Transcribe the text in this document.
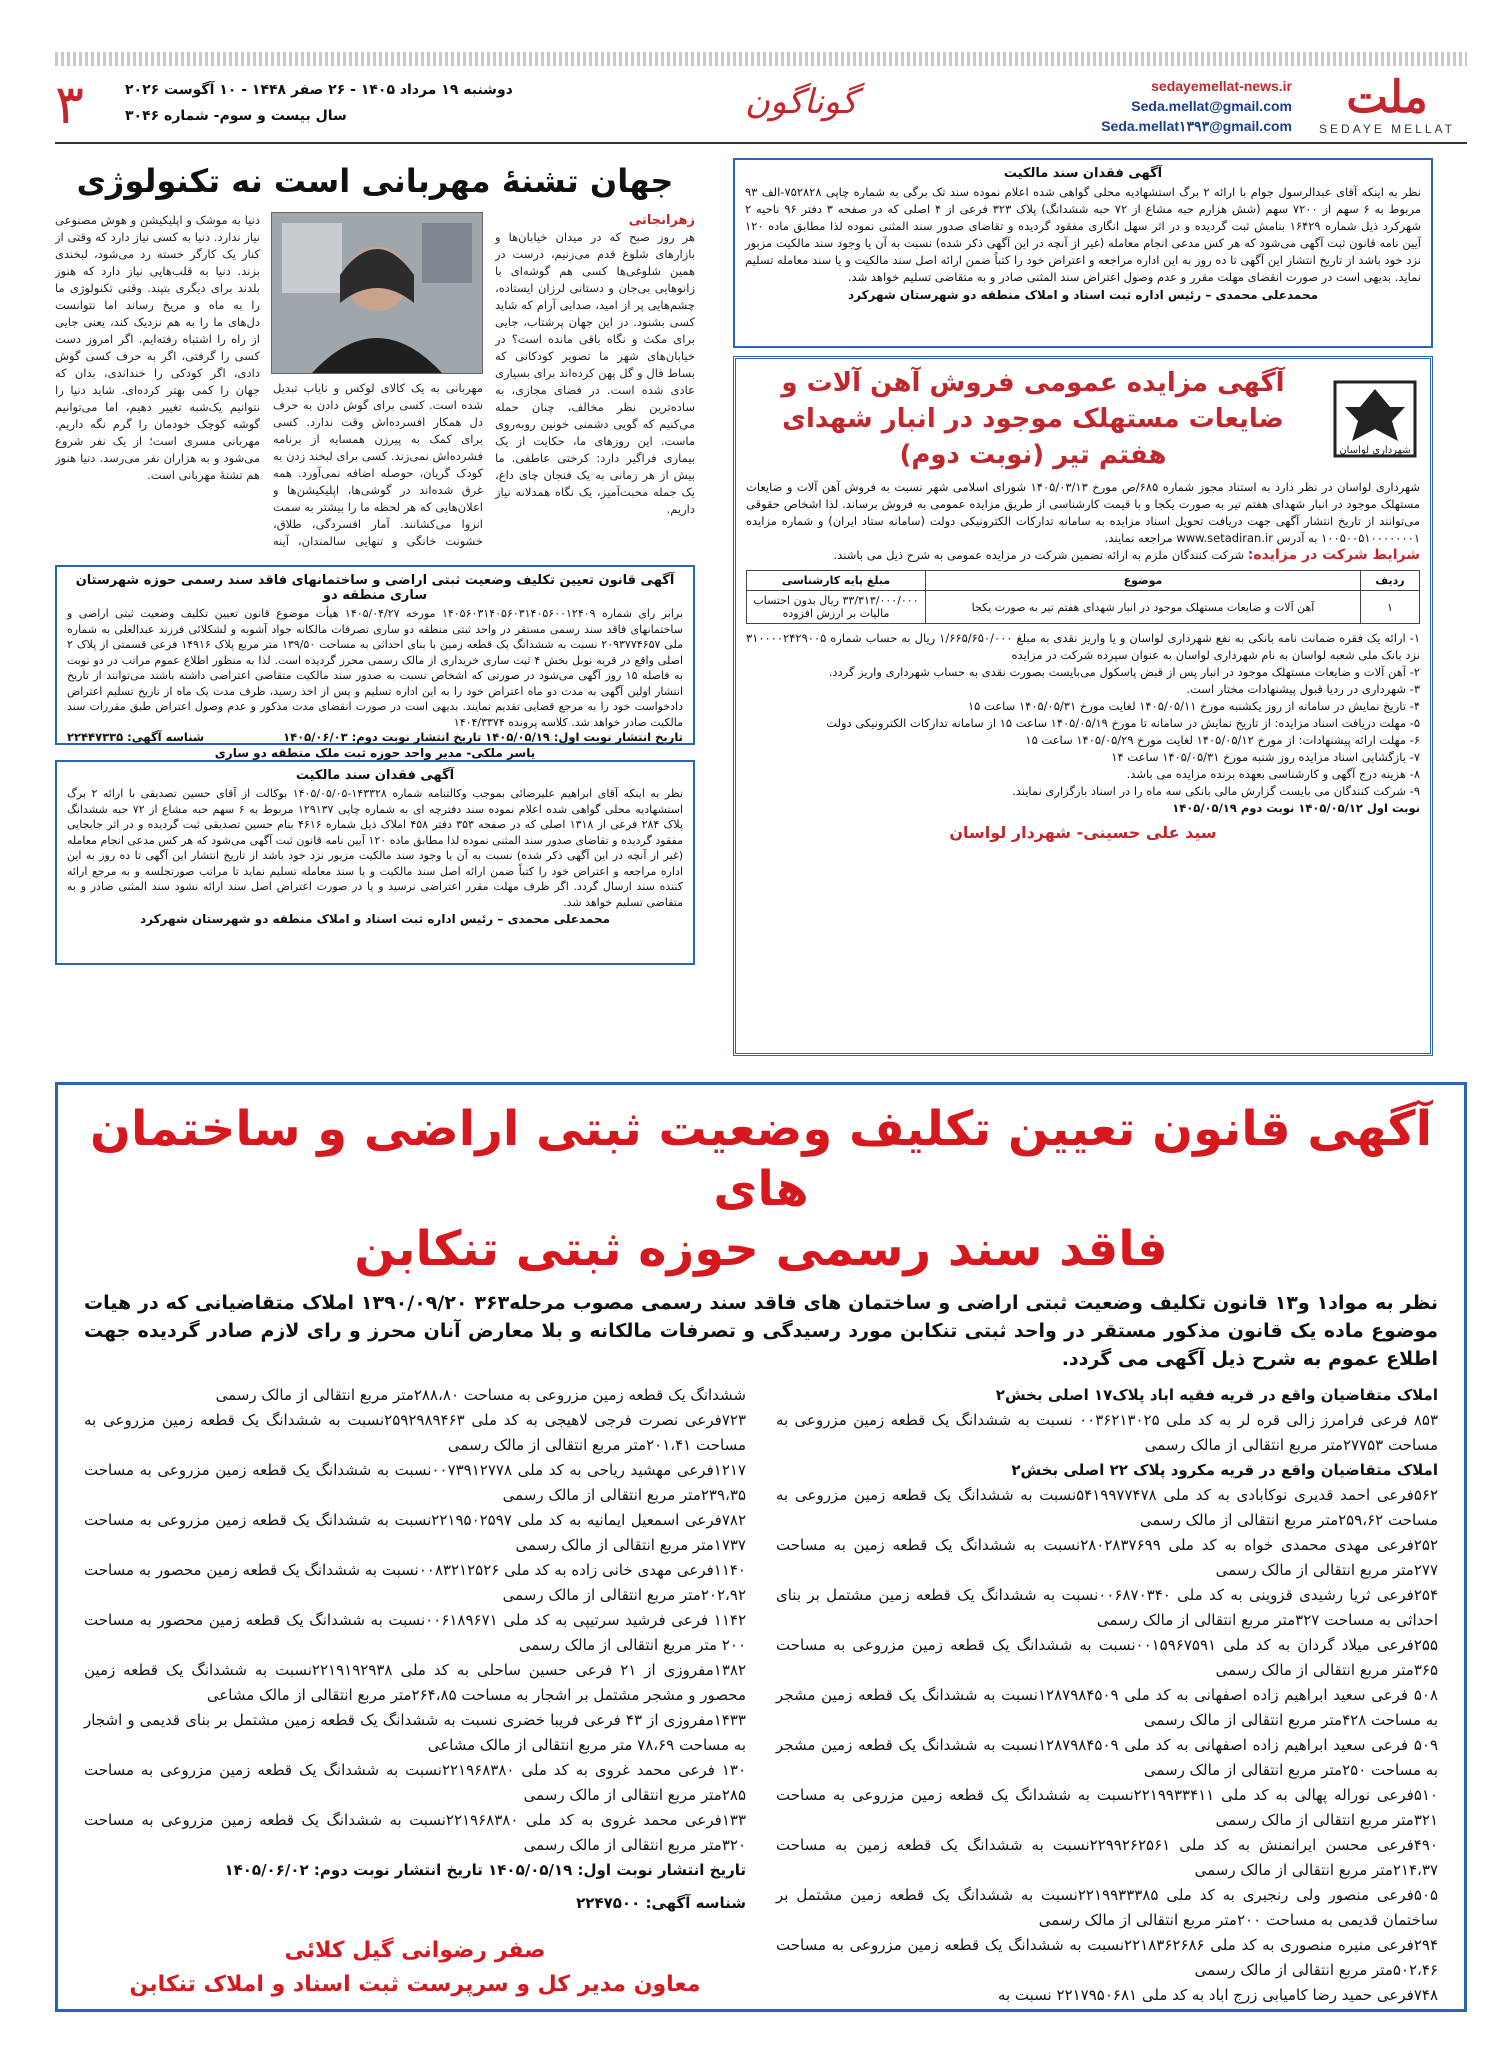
ملت
SEDAYE MELLAT
sedayemellat-news.ir
Seda.mellat@gmail.com
Seda.mellat۱۳۹۳@gmail.com
گوناگون
۳	دوشنبه ۱۹ مرداد ۱۴۰۵ - ۲۶ صفر ۱۴۴۸ - ۱۰ آگوست ۲۰۲۶
سال بیست و سوم- شماره ۳۰۴۶
آگهی فقدان سند مالکیت
نظر به اینکه آقای عبدالرسول جوام با ارائه ۲ برگ استشهادیه محلی گواهی شده اعلام نموده سند تک برگی به شماره چاپی ۷۵۲۸۲۸-الف ۹۳ مربوط به ۶ سهم از ۷۲۰۰ سهم (شش هزارم حبه مشاع از ۷۲ حبه ششدانگ) پلاک ۳۲۳ فرعی از ۴ اصلی که در صفحه ۳ دفتر ۹۶ ناحیه ۲ شهرکرد ذیل شماره ۱۶۴۲۹ بنامش ثبت گردیده و در اثر سهل انگاری مفقود گردیده و تقاضای صدور سند المثنی نموده لذا مطابق ماده ۱۲۰ آیین نامه قانون ثبت آگهی می‌شود که هر کس مدعی انجام معامله (غیر از آنچه در این آگهی ذکر شده) نسبت به آن یا وجود سند مالکیت مزبور نزد خود باشد از تاریخ انتشار این آگهی تا ده روز به این اداره مراجعه و اعتراض خود را کتباً ضمن ارائه اصل سند مالکیت و یا سند معامله تسلیم نماید. بدیهی است در صورت انقضای مهلت مقرر و عدم وصول اعتراض سند المثنی صادر و به متقاضی تسلیم خواهد شد.
محمدعلی محمدی – رئیس اداره ثبت اسناد و املاک منطقه دو شهرستان شهرکرد
شهرداری لواسان
آگهی مزایده عمومی فروش آهن آلات و ضایعات مستهلک موجود در انبار شهدای هفتم تیر (نوبت دوم)
شهرداری لواسان در نظر دارد به استناد مجوز شماره ۶۸۵/ص مورخ ۱۴۰۵/۰۳/۱۳ شورای اسلامی شهر نسبت به فروش آهن آلات و ضایعات مستهلک موجود در انبار شهدای هفتم تیر به صورت یکجا و با قیمت کارشناسی از طریق مزایده عمومی به فروش برساند. لذا اشخاص حقوقی می‌توانند از تاریخ انتشار آگهی جهت دریافت تحویل اسناد مزایده به سامانه تدارکات الکترونیکی دولت (سامانه ستاد ایران) و شماره مزایده ۱۰۰۵۰۰۵۱۰۰۰۰۰۰۰۱ به آدرس www.setadiran.ir مراجعه نمایند.
شرایط شرکت در مزایده: شرکت کنندگان ملزم به ارائه تضمین شرکت در مزایده عمومی به شرح ذیل می باشند.
ردیف	موضوع	مبلغ پایه کارشناسی
۱	آهن آلات و ضایعات مستهلک موجود در انبار شهدای هفتم تیر به صورت یکجا	۳۳/۳۱۳/۰۰۰/۰۰۰ ریال بدون احتساب مالیات بر ارزش افزوده
۱- ارائه یک فقره ضمانت نامه بانکی به نفع شهرداری لواسان و یا واریز نقدی به مبلغ ۱/۶۶۵/۶۵۰/۰۰۰ ریال به حساب شماره ۳۱۰۰۰۰۲۴۲۹۰۰۵ نزد بانک ملی شعبه لواسان به نام شهرداری لواسان به عنوان سپرده شرکت در مزایده
۲- آهن آلات و ضایعات مستهلک موجود در انبار پس از قبض پاسکول می‌بایست بصورت نقدی به حساب شهرداری واریز گردد.
۳- شهرداری در ردیا قبول پیشنهادات مختار است.
۴- تاریخ نمایش در سامانه از روز یکشنبه مورخ ۱۴۰۵/۰۵/۱۱ لغایت مورخ ۱۴۰۵/۰۵/۳۱ ساعت ۱۵
۵- مهلت دریافت اسناد مزایده: از تاریخ نمایش در سامانه تا مورخ ۱۴۰۵/۰۵/۱۹ ساعت ۱۵ از سامانه تدارکات الکترونیکی دولت
۶- مهلت ارائه پیشنهادات: از مورخ ۱۴۰۵/۰۵/۱۲ لغایت مورخ ۱۴۰۵/۰۵/۲۹ ساعت ۱۵
۷- بازگشایی اسناد مزایده روز شنبه مورخ ۱۴۰۵/۰۵/۳۱ ساعت ۱۴
۸- هزینه درج آگهی و کارشناسی بعهده برنده مزایده می باشد.
۹- شرکت کنندگان می بایست گزارش مالی بانکی سه ماه را در اسناد بارگزاری نمایند.
نوبت اول ۱۴۰۵/۰۵/۱۲ نوبت دوم ۱۴۰۵/۰۵/۱۹
سید علی حسینی- شهردار لواسان
جهان تشنهٔ مهربانی است نه تکنولوژی
زهرانجاتی
هر روز صبح که در میدان خیابان‌ها و بازارهای شلوغ قدم می‌زنیم، درست در همین شلوغی‌ها کسی هم گوشه‌ای با زانوهایی بی‌جان و دستانی لرزان ایستاده، چشم‌هایی پر از امید، صدایی آرام که شاید کسی بشنود. در این جهان پرشتاب، جایی برای مکث و نگاه باقی مانده است؟ در خیابان‌های شهر ما تصویر کودکانی که بساط فال و گل پهن کرده‌اند برای بسیاری عادی شده است. در فضای مجازی، به ساده‌ترین نظر مخالف، چنان حمله می‌کنیم که گویی دشمنی خونین روبه‌روی ماست. این روزهای ما، حکایت از یک بیماری فراگیر دارد: کرختی عاطفی. ما بیش از هر زمانی به یک فنجان چای داغ، یک جمله محبت‌آمیز، یک نگاه همدلانه نیاز داریم.
مهربانی به یک کالای لوکس و نایاب تبدیل شده است. کسی برای گوش دادن به حرف دل همکار افسرده‌اش وقت ندارد. کسی برای کمک به پیرزن همسایه از برنامه فشرده‌اش نمی‌زند. کسی برای لبخند زدن به کودک گریان، حوصله اضافه نمی‌آورد. همه غرق شده‌اند در گوشی‌ها، اپلیکیشن‌ها و اعلان‌هایی که هر لحظه ما را بیشتر به سمت انزوا می‌کشانند. آمار افسردگی، طلاق، خشونت خانگی و تنهایی سالمندان، آینه
دنیا به موشک و اپلیکیشن و هوش مصنوعی نیاز ندارد. دنیا به کسی نیاز دارد که وقتی از کنار یک کارگر خسته رد می‌شود، لبخندی بزند. دنیا به قلب‌هایی نیاز دارد که هنوز بلدند برای دیگری بتپند. وقتی تکنولوژی ما را به ماه و مریخ رساند اما نتوانست دل‌های ما را به هم نزدیک کند، یعنی جایی از راه را اشتباه رفته‌ایم. اگر امروز دست کسی را گرفتی، اگر به حرف کسی گوش دادی، اگر کودکی را خنداندی، بدان که جهان را کمی بهتر کرده‌ای. شاید دنیا را نتوانیم یک‌شبه تغییر دهیم، اما می‌توانیم گوشه کوچک خودمان را گرم نگه داریم. مهربانی مسری است؛ از یک نفر شروع می‌شود و به هزاران نفر می‌رسد. دنیا هنوز هم تشنهٔ مهربانی است.
آگهی قانون تعیین تکلیف وضعیت ثبتی اراضی و ساختمانهای فاقد سند رسمی حوزه شهرستان ساری منطقه دو
برابر رای شماره ۱۴۰۵۶۰۳۱۴۰۵۶۰۳۱۴۰۵۶۰۰۱۲۴۰۹ مورخه ۱۴۰۵/۰۴/۲۷ هیأت موضوع قانون تعیین تکلیف وضعیت ثبتی اراضی و ساختمانهای فاقد سند رسمی مستقر در واحد ثبتی منطقه دو ساری تصرفات مالکانه جواد آشوبه و لشکلائی فرزند عبدالعلی به شماره ملی ۲۰۹۳۷۷۴۶۵۷ نسبت به ششدانگ یک قطعه زمین با بنای احداثی به مساحت ۱۳۹/۵۰ متر مربع پلاک ۱۴۹۱۶ فرعی قسمتی از پلاک ۲ اصلی واقع در قریه نوبل بخش ۴ ثبت ساری خریداری از مالک رسمی محرز گردیده است. لذا به منظور اطلاع عموم مراتب در دو نوبت به فاصله ۱۵ روز آگهی می‌شود در صورتی که اشخاص نسبت به صدور سند مالکیت متقاضی اعتراضی داشته باشند می‌توانند از تاریخ انتشار اولین آگهی به مدت دو ماه اعتراض خود را به این اداره تسلیم و پس از اخذ رسید، ظرف مدت یک ماه از تاریخ تسلیم اعتراض دادخواست خود را به مرجع قضایی تقدیم نمایند. بدیهی است در صورت انقضای مدت مذکور و عدم وصول اعتراض طبق مقررات سند مالکیت صادر خواهد شد. کلاسه پرونده ۱۴۰۴/۳۳۷۴
تاریخ انتشار نوبت اول: ۱۴۰۵/۰۵/۱۹ تاریخ انتشار نوبت دوم: ۱۴۰۵/۰۶/۰۳
شناسه آگهی: ۲۲۴۴۷۳۳۵
یاسر ملکی- مدیر واحد حوزه ثبت ملک منطقه دو ساری
آگهی فقدان سند مالکیت
نظر به اینکه آقای ابراهیم علیرضائی بموجب وکالتنامه شماره ۱۴۳۳۲۸-۱۴۰۵/۰۵/۰۵ بوکالت از آقای حسین تصدیقی با ارائه ۲ برگ استشهادیه محلی گواهی شده اعلام نموده سند دفترچه ای به شماره چاپی ۱۲۹۱۳۷ مربوط به ۶ سهم حبه مشاع از ۷۲ حبه ششدانگ پلاک ۲۸۴ فرعی از ۱۳۱۸ اصلی که در صفحه ۳۵۳ دفتر ۴۵۸ املاک ذیل شماره ۴۶۱۶ بنام حسین تصدیقی ثبت گردیده و در اثر جابجایی مفقود گردیده و تقاضای صدور سند المثنی نموده لذا مطابق ماده ۱۲۰ آیین نامه قانون ثبت آگهی می‌شود که هر کس مدعی انجام معامله (غیر از آنچه در این آگهی ذکر شده) نسبت به آن یا وجود سند مالکیت مزبور نزد خود باشد از تاریخ انتشار این آگهی تا ده روز به این اداره مراجعه و اعتراض خود را کتباً ضمن ارائه اصل سند مالکیت و یا سند معامله تسلیم نماید تا مراتب صورتجلسه و به مرجع ارائه کننده سند ارسال گردد. اگر ظرف مهلت مقرر اعتراضی نرسید و یا در صورت اعتراض اصل سند ارائه نشود سند المثنی صادر و به متقاضی تسلیم خواهد شد.
محمدعلی محمدی – رئیس اداره ثبت اسناد و املاک منطقه دو شهرستان شهرکرد
آگهی قانون تعیین تکلیف وضعیت ثبتی اراضی و ساختمان های
فاقد سند رسمی حوزه ثبتی تنکابن
نظر به مواد۱ و۱۳ قانون تکلیف وضعیت ثبتی اراضی و ساختمان های فاقد سند رسمی مصوب مرحله۳۶۳ ۱۳۹۰/۰۹/۲۰ املاک متقاضیانی که در هیات موضوع ماده یک قانون مذکور مستقر در واحد ثبتی تنکابن مورد رسیدگی و تصرفات مالکانه و بلا معارض آنان محرز و رای لازم صادر گردیده جهت اطلاع عموم به شرح ذیل آگهی می گردد.

املاک متقاضیان واقع در قریه فقیه اباد پلاک۱۷ اصلی بخش۲

۸۵۳ فرعی فرامرز زالی قره لر به کد ملی ۰۰۳۶۲۱۳۰۲۵ نسبت به ششدانگ یک قطعه زمین مزروعی به مساحت ۲۷۷۵۳متر مربع انتقالی از مالک رسمی

املاک متقاضیان واقع در قریه مکرود پلاک ۲۲ اصلی بخش۲

۵۶۲فرعی احمد قدیری نوکابادی به کد ملی ۵۴۱۹۹۷۷۴۷۸نسبت به ششدانگ یک قطعه زمین مزروعی به مساحت ۲۵۹،۶۲متر مربع انتقالی از مالک رسمی

۲۵۲فرعی مهدی محمدی خواه به کد ملی ۲۸۰۲۸۳۷۶۹۹نسبت به ششدانگ یک قطعه زمین به مساحت ۲۷۷متر مربع انتقالی از مالک رسمی

۲۵۴فرعی ثریا رشیدی قزوینی به کد ملی ۰۰۶۸۷۰۳۴۰نسبت به ششدانگ یک قطعه زمین مشتمل بر بنای احداثی به مساحت ۳۲۷متر مربع انتقالی از مالک رسمی

۲۵۵فرعی میلاد گردان به کد ملی ۰۰۱۵۹۶۷۵۹۱نسبت به ششدانگ یک قطعه زمین مزروعی به مساحت ۳۶۵متر مربع انتقالی از مالک رسمی

۵۰۸ فرعی سعید ابراهیم زاده اصفهانی به کد ملی ۱۲۸۷۹۸۴۵۰۹نسبت به ششدانگ یک قطعه زمین مشجر به مساحت ۴۲۸متر مربع انتقالی از مالک رسمی

۵۰۹ فرعی سعید ابراهیم زاده اصفهانی به کد ملی ۱۲۸۷۹۸۴۵۰۹نسبت به ششدانگ یک قطعه زمین مشجر به مساحت ۲۵۰متر مربع انتقالی از مالک رسمی

۵۱۰فرعی نوراله پهالی به کد ملی ۲۲۱۹۹۳۳۴۱۱نسبت به ششدانگ یک قطعه زمین مزروعی به مساحت ۳۲۱متر مربع انتقالی از مالک رسمی

۴۹۰فرعی محسن ایرانمنش به کد ملی ۲۲۹۹۲۶۲۵۶۱نسبت به ششدانگ یک قطعه زمین به مساحت ۲۱۴،۳۷متر مربع انتقالی از مالک رسمی

۵۰۵فرعی منصور ولی رنجبری به کد ملی ۲۲۱۹۹۳۳۳۸۵نسبت به ششدانگ یک قطعه زمین مشتمل بر ساختمان قدیمی به مساحت ۲۰۰متر مربع انتقالی از مالک رسمی

۲۹۴فرعی منیره منصوری به کد ملی ۲۲۱۸۳۶۲۶۸۶نسبت به ششدانگ یک قطعه زمین مزروعی به مساحت ۵۰۲،۴۶متر مربع انتقالی از مالک رسمی

۷۴۸فرعی حمید رضا کامیابی زرج اباد به کد ملی ۲۲۱۷۹۵۰۶۸۱ نسبت به

ششدانگ یک قطعه زمین مزروعی به مساحت ۲۸۸،۸۰متر مربع انتقالی از مالک رسمی

۷۲۳فرعی نصرت فرجی لاهیجی به کد ملی ۲۵۹۲۹۸۹۴۶۳نسبت به ششدانگ یک قطعه زمین مزروعی به مساحت ۲۰۱،۴۱متر مربع انتقالی از مالک رسمی

۱۲۱۷فرعی مهشید ریاحی به کد ملی ۰۰۷۳۹۱۲۷۷۸نسبت به ششدانگ یک قطعه زمین مزروعی به مساحت ۲۳۹،۳۵متر مربع انتقالی از مالک رسمی

۷۸۲فرعی اسمعیل ایمانیه به کد ملی ۲۲۱۹۵۰۲۵۹۷نسبت به ششدانگ یک قطعه زمین مزروعی به مساحت ۱۷۳۷متر مربع انتقالی از مالک رسمی

۱۱۴۰فرعی مهدی خانی زاده به کد ملی ۰۰۸۳۲۱۲۵۲۶نسبت به ششدانگ یک قطعه زمین محصور به مساحت ۲۰۲،۹۲متر مربع انتقالی از مالک رسمی

۱۱۴۲ فرعی فرشید سرتیپی به کد ملی ۰۰۶۱۸۹۶۷۱نسبت به ششدانگ یک قطعه زمین محصور به مساحت ۲۰۰ متر مربع انتقالی از مالک رسمی

۱۳۸۲مفروزی از ۲۱ فرعی حسین ساحلی به کد ملی ۲۲۱۹۱۹۲۹۳۸نسبت به ششدانگ یک قطعه زمین محصور و مشجر مشتمل بر اشجار به مساحت ۲۶۴،۸۵متر مربع انتقالی از مالک مشاعی

۱۴۳۳مفروزی از ۴۳ فرعی فریبا خضری نسبت به ششدانگ یک قطعه زمین مشتمل بر بنای قدیمی و اشجار به مساحت ۷۸،۶۹ متر مربع انتقالی از مالک مشاعی

۱۳۰ فرعی محمد غروی به کد ملی ۲۲۱۹۶۸۳۸۰نسبت به ششدانگ یک قطعه زمین مزروعی به مساحت ۲۸۵متر مربع انتقالی از مالک رسمی

۱۳۳فرعی محمد غروی به کد ملی ۲۲۱۹۶۸۳۸۰نسبت به ششدانگ یک قطعه زمین مزروعی به مساحت ۳۲۰متر مربع انتقالی از مالک رسمی

تاریخ انتشار نوبت اول: ۱۴۰۵/۰۵/۱۹ تاریخ انتشار نوبت دوم: ۱۴۰۵/۰۶/۰۲

شناسه آگهی: ۲۲۴۷۵۰۰

صفر رضوانی گیل کلائی
معاون مدیر کل و سرپرست ثبت اسناد و املاک تنکابن
